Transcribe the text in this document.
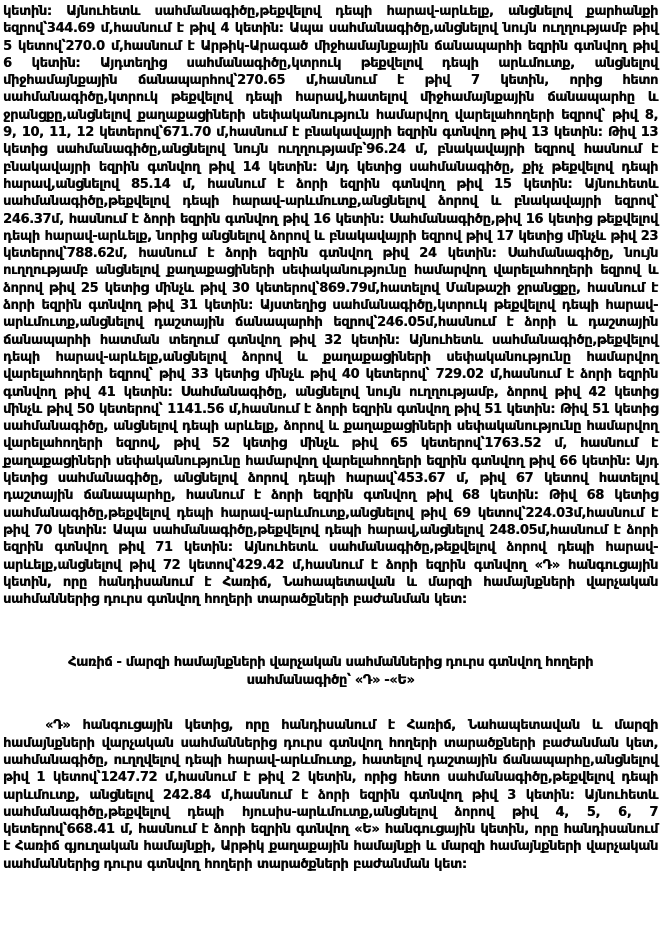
կետին: Այնուհետև սահմանագիծը,թեքվելով դեպի հարավ-արևելք, անցնելով քարհանքի եզրով՝344.69 մ,հասնում է թիվ 4 կետին: Ապա սահմանագիծը,անցնելով նույն ուղղությամբ թիվ 5 կետով՝270.0 մ,հասնում է Արթիկ-Արագած միջհամայնքային ճանապարհի եզրին գտնվող թիվ 6 կետին: Այդտեղից սահմանագիծը,կտրուկ թեքվելով դեպի արևմուտք, անցնելով միջհամայնքային ճանապարհով՝270.65 մ,հասնում է թիվ 7 կետին, որից հետո սահմանագիծը,կտրուկ թեքվելով դեպի հարավ,հատելով միջհամայնքային ճանապարհը և ջրանցքը,անցնելով քաղաքացիների սեփականություն համարվող վարելահողերի եզրով՝ թիվ 8, 9, 10, 11, 12 կետերով՝671.70 մ,հասնում է բնակավայրի եզրին գտնվող թիվ 13 կետին: Թիվ 13 կետից սահմանագիծը,անցնելով նույն ուղղությամբ՝96.24 մ, բնակավայրի եզրով հասնում է բնակավայրի եզրին գտնվող թիվ 14 կետին: Այդ կետից սահմանագիծը, քիչ թեքվելով դեպի հարավ,անցնելով 85.14 մ, հասնում է ձորի եզրին գտնվող թիվ 15 կետին: Այնուհետև սահմանագիծը,թեքվելով դեպի հարավ-արևմուտք,անցնելով ձորով և բնակավայրի եզրով՝ 246.37մ, հասնում է ձորի եզրին գտնվող թիվ 16 կետին: Սահմանագիծը,թիվ 16 կետից թեքվելով դեպի հարավ-արևելք, նորից անցնելով ձորով և բնակավայրի եզրով թիվ 17 կետից մինչև թիվ 23 կետերով՝788.62մ, հասնում է ձորի եզրին գտնվող թիվ 24 կետին: Սահմանագիծը, նույն ուղղությամբ անցնելով քաղաքացիների սեփականությունը համարվող վարելահողերի եզրով և ձորով թիվ 25 կետից մինչև թիվ 30 կետերով՝869.79մ,հատելով Մանթաշի ջրանցքը, հասնում է ձորի եզրին գտնվող թիվ 31 կետին: Այստեղից սահմանագիծը,կտրուկ թեքվելով դեպի հարավ-արևմուտք,անցնելով դաշտային ճանապարհի եզրով՝246.05մ,հասնում է ձորի և դաշտային ճանապարհի հատման տեղում գտնվող թիվ 32 կետին: Այնուհետև սահմանագիծը,թեքվելով դեպի հարավ-արևելք,անցնելով ձորով և քաղաքացիների սեփականությունը համարվող վարելահողերի եզրով՝ թիվ 33 կետից մինչև թիվ 40 կետերով՝ 729.02 մ,հասնում է ձորի եզրին գտնվող թիվ 41 կետին: Սահմանագիծը, անցնելով նույն ուղղությամբ, ձորով թիվ 42 կետից մինչև թիվ 50 կետերով՝ 1141.56 մ,հասնում է ձորի եզրին գտնվող թիվ 51 կետին: Թիվ 51 կետից սահմանագիծը, անցնելով դեպի արևելք, ձորով և քաղաքացիների սեփականությունը համարվող վարելահողերի եզրով, թիվ 52 կետից մինչև թիվ 65 կետերով՝1763.52 մ, հասնում է քաղաքացիների սեփականությունը համարվող վարելահողերի եզրին գտնվող թիվ 66 կետին: Այդ կետից սահմանագիծը, անցնելով ձորով դեպի հարավ՝453.67 մ, թիվ 67 կետով հատելով դաշտային ճանապարհը, հասնում է ձորի եզրին գտնվող թիվ 68 կետին: Թիվ 68 կետից սահմանագիծը,թեքվելով դեպի հարավ-արևմուտք,անցնելով թիվ 69 կետով՝224.03մ,հասնում է թիվ 70 կետին: Ապա սահմանագիծը,թեքվելով դեպի հարավ,անցնելով 248.05մ,հասնում է ձորի եզրին գտնվող թիվ 71 կետին: Այնուհետև սահմանագիծը,թեքվելով ձորով դեպի հարավ-արևելք,անցնելով թիվ 72 կետով՝429.42 մ,հասնում է ձորի եզրին գտնվող «Դ» հանգուցային կետին, որը հանդիսանում է Հառիճ, Նահապետավան և մարզի համայնքների վարչական սահմաններից դուրս գտնվող հողերի տարածքների բաժանման կետ:

Հառիճ - մարզի համայնքների վարչական սահմաններից դուրս գտնվող հողերի
սահմանագիծը՝ «Դ» -«Ե»

«Դ» հանգուցային կետից, որը հանդիսանում է Հառիճ, Նահապետավան և մարզի համայնքների վարչական սահմաններից դուրս գտնվող հողերի տարածքների բաժանման կետ, սահմանագիծը, ուղղվելով դեպի հարավ-արևմուտք, հատելով դաշտային ճանապարհը,անցնելով թիվ 1 կետով՝1247.72 մ,հասնում է թիվ 2 կետին, որից հետո սահմանագիծը,թեքվելով դեպի արևմուտք, անցնելով 242.84 մ,հասնում է ձորի եզրին գտնվող թիվ 3 կետին: Այնուհետև սահմանագիծը,թեքվելով դեպի հյուսիս-արևմուտք,անցնելով ձորով թիվ 4, 5, 6, 7 կետերով՝668.41 մ, հասնում է ձորի եզրին գտնվող «Ե» հանգուցային կետին, որը հանդիսանում է Հառիճ գյուղական համայնքի, Արթիկ քաղաքային համայնքի և մարզի համայնքների վարչական սահմաններից դուրս գտնվող հողերի տարածքների բաժանման կետ:
